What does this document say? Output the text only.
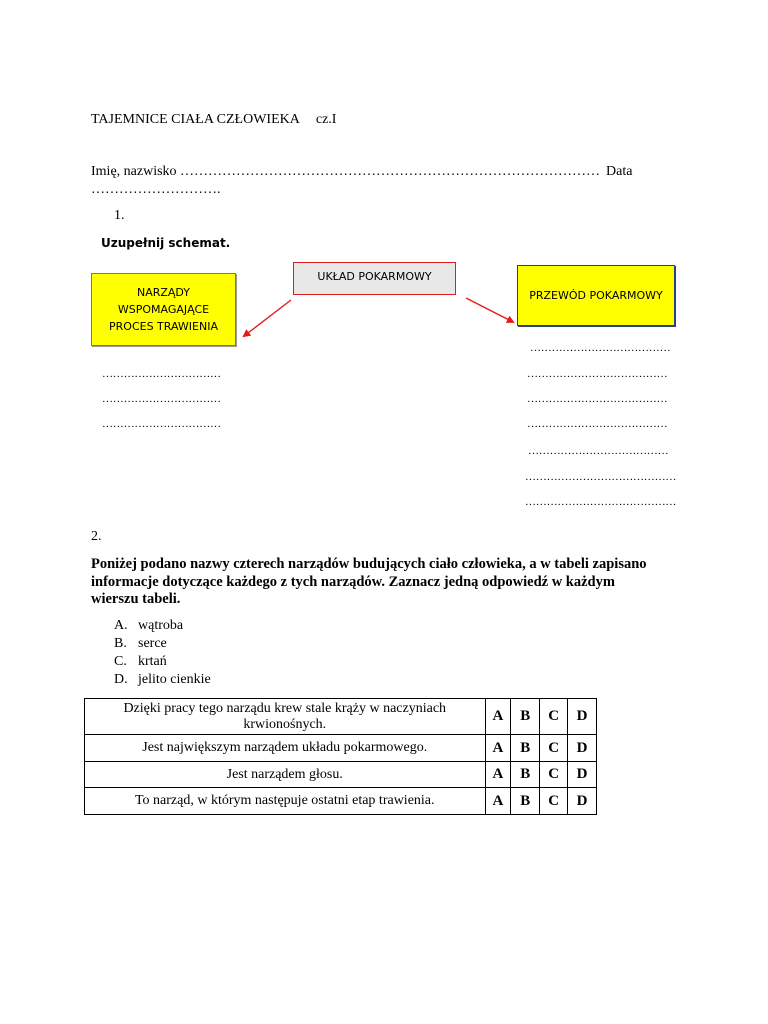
TAJEMNICE CIAŁA CZŁOWIEKA cz.I
Imię, nazwisko ……………………………………………………………………………… Data
……………………….
1.
Uzupełnij schemat.
UKŁAD POKARMOWY
NARZĄDY
WSPOMAGAJĄCE
PROCES TRAWIENIA
PRZEWÓD POKARMOWY
……………………………
……………………………
……………………………
…………………………………
…………………………………
…………………………………
…………………………………
…………………………………
……………………………………
……………………………………
2.
Poniżej podano nazwy czterech narządów budujących ciało człowieka, a w tabeli zapisano informacje dotyczące każdego z tych narządów. Zaznacz jedną odpowiedź w każdym wierszu tabeli.
A. wątroba
B. serce
C. krtań
D. jelito cienkie
Dzięki pracy tego narządu krew stale krąży w naczyniach krwionośnych.	A	B	C	D
Jest największym narządem układu pokarmowego.	A	B	C	D
Jest narządem głosu.	A	B	C	D
To narząd, w którym następuje ostatni etap trawienia.	A	B	C	D
